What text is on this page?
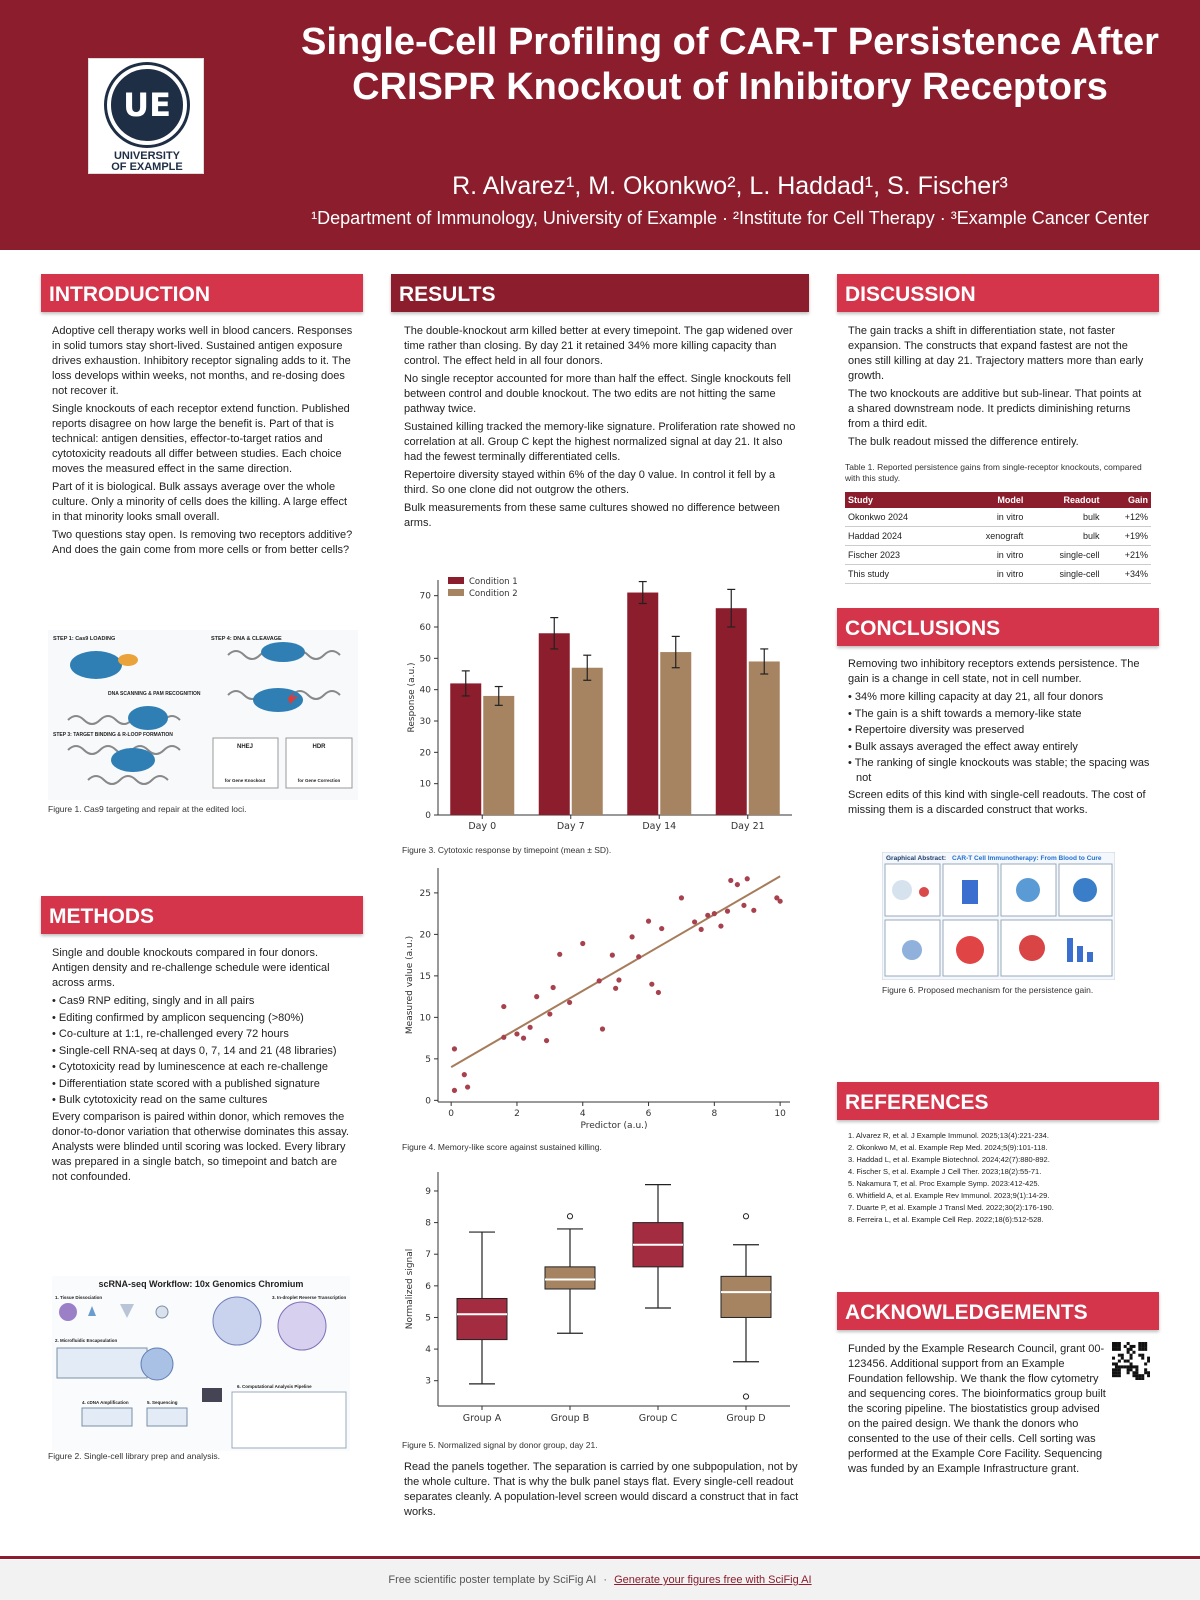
UE
UNIVERSITY
OF EXAMPLE
Single-Cell Profiling of CAR-T Persistence After CRISPR Knockout of Inhibitory Receptors
R. Alvarez¹, M. Okonkwo², L. Haddad¹, S. Fischer³
¹Department of Immunology, University of Example · ²Institute for Cell Therapy · ³Example Cancer Center
INTRODUCTION

Adoptive cell therapy works well in blood cancers. Responses in solid tumors stay short-lived. Sustained antigen exposure drives exhaustion. Inhibitory receptor signaling adds to it. The loss develops within weeks, not months, and re-dosing does not recover it.

Single knockouts of each receptor extend function. Published reports disagree on how large the benefit is. Part of that is technical: antigen densities, effector-to-target ratios and cytotoxicity readouts all differ between studies. Each choice moves the measured effect in the same direction.

Part of it is biological. Bulk assays average over the whole culture. Only a minority of cells does the killing. A large effect in that minority looks small overall.

Two questions stay open. Is removing two receptors additive? And does the gain come from more cells or from better cells?

STEP 1: Cas9 LOADING	STEP 4: DNA & CLEAVAGE
DNA SCANNING & PAM RECOGNITION
STEP 3: TARGET BINDING & R-LOOP FORMATION
NHEJ	HDR
for Gene Knockout	for Gene Correction
Figure 1. Cas9 targeting and repair at the edited loci.
METHODS

Single and double knockouts compared in four donors. Antigen density and re-challenge schedule were identical across arms.

• Cas9 RNP editing, singly and in all pairs
• Editing confirmed by amplicon sequencing (>80%)
• Co-culture at 1:1, re-challenged every 72 hours
• Single-cell RNA-seq at days 0, 7, 14 and 21 (48 libraries)
• Cytotoxicity read by luminescence at each re-challenge
• Differentiation state scored with a published signature
• Bulk cytotoxicity read on the same cultures

Every comparison is paired within donor, which removes the donor-to-donor variation that otherwise dominates this assay. Analysts were blinded until scoring was locked. Every library was prepared in a single batch, so timepoint and batch are not confounded.

scRNA-seq Workflow: 10x Genomics Chromium
1. Tissue Dissociation
2. Microfluidic Encapsulation
3. In-droplet Reverse Transcription
4. cDNA Amplification	5. Sequencing
6. Computational Analysis Pipeline
Figure 2. Single-cell library prep and analysis.
RESULTS

The double-knockout arm killed better at every timepoint. The gap widened over time rather than closing. By day 21 it retained 34% more killing capacity than control. The effect held in all four donors.

No single receptor accounted for more than half the effect. Single knockouts fell between control and double knockout. The two edits are not hitting the same pathway twice.

Sustained killing tracked the memory-like signature. Proliferation rate showed no correlation at all. Group C kept the highest normalized signal at day 21. It also had the fewest terminally differentiated cells.

Repertoire diversity stayed within 6% of the day 0 value. In control it fell by a third. So one clone did not outgrow the others.

Bulk measurements from these same cultures showed no difference between arms.

0
10
20
30
40
50
60
70
Response (a.u.)
Day 0	Day 7	Day 14	Day 21
Condition 1
Condition 2
Figure 3. Cytotoxic response by timepoint (mean ± SD).
0
5
10
15
20
25
0	2	4	6	8	10
Predictor (a.u.)
Measured value (a.u.)
Figure 4. Memory-like score against sustained killing.
3
4
5
6
7
8
9
Normalized signal
Group A	Group B	Group C	Group D
Figure 5. Normalized signal by donor group, day 21.
Read the panels together. The separation is carried by one subpopulation, not by the whole culture. That is why the bulk panel stays flat. Every single-cell readout separates cleanly. A population-level screen would discard a construct that in fact works.
DISCUSSION

The gain tracks a shift in differentiation state, not faster expansion. The constructs that expand fastest are not the ones still killing at day 21. Trajectory matters more than early growth.

The two knockouts are additive but sub-linear. That points at a shared downstream node. It predicts diminishing returns from a third edit.

The bulk readout missed the difference entirely.

Table 1. Reported persistence gains from single-receptor knockouts, compared with this study.
Study	Model	Readout	Gain
Okonkwo 2024	in vitro	bulk	+12%
Haddad 2024	xenograft	bulk	+19%
Fischer 2023	in vitro	single-cell	+21%
This study	in vitro	single-cell	+34%
CONCLUSIONS

Removing two inhibitory receptors extends persistence. The gain is a change in cell state, not in cell number.

• 34% more killing capacity at day 21, all four donors
• The gain is a shift towards a memory-like state
• Repertoire diversity was preserved
• Bulk assays averaged the effect away entirely
• The ranking of single knockouts was stable; the spacing was not

Screen edits of this kind with single-cell readouts. The cost of missing them is a discarded construct that works.

Graphical Abstract: CAR-T Cell Immunotherapy: From Blood to Cure
Figure 6. Proposed mechanism for the persistence gain.
REFERENCES
1. Alvarez R, et al. J Example Immunol. 2025;13(4):221-234.
2. Okonkwo M, et al. Example Rep Med. 2024;5(9):101-118.
3. Haddad L, et al. Example Biotechnol. 2024;42(7):880-892.
4. Fischer S, et al. Example J Cell Ther. 2023;18(2):55-71.
5. Nakamura T, et al. Proc Example Symp. 2023:412-425.
6. Whitfield A, et al. Example Rev Immunol. 2023;9(1):14-29.
7. Duarte P, et al. Example J Transl Med. 2022;30(2):176-190.
8. Ferreira L, et al. Example Cell Rep. 2022;18(6):512-528.
ACKNOWLEDGEMENTS
Funded by the Example Research Council, grant 00-123456. Additional support from an Example Foundation fellowship. We thank the flow cytometry and sequencing cores. The bioinformatics group built the scoring pipeline. The biostatistics group advised on the paired design. We thank the donors who consented to the use of their cells. Cell sorting was performed at the Example Core Facility. Sequencing was funded by an Example Infrastructure grant.
Free scientific poster template by SciFig AI · Generate your figures free with SciFig AI
